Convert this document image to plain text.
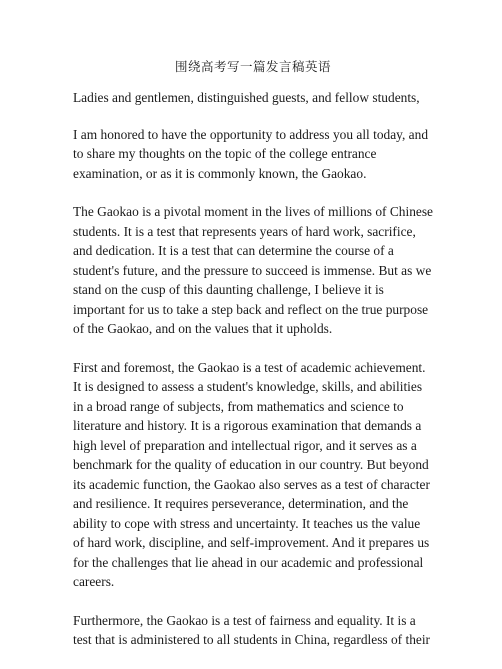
围绕高考写一篇发言稿英语

Ladies and gentlemen, distinguished guests, and fellow students,

I am honored to have the opportunity to address you all today, and to share my thoughts on the topic of the college entrance examination, or as it is commonly known, the Gaokao.

The Gaokao is a pivotal moment in the lives of millions of Chinese students. It is a test that represents years of hard work, sacrifice, and dedication. It is a test that can determine the course of a student's future, and the pressure to succeed is immense. But as we stand on the cusp of this daunting challenge, I believe it is important for us to take a step back and reflect on the true purpose of the Gaokao, and on the values that it upholds.

First and foremost, the Gaokao is a test of academic achievement. It is designed to assess a student's knowledge, skills, and abilities in a broad range of subjects, from mathematics and science to literature and history. It is a rigorous examination that demands a high level of preparation and intellectual rigor, and it serves as a benchmark for the quality of education in our country. But beyond its academic function, the Gaokao also serves as a test of character and resilience. It requires perseverance, determination, and the ability to cope with stress and uncertainty. It teaches us the value of hard work, discipline, and self-improvement. And it prepares us for the challenges that lie ahead in our academic and professional careers.

Furthermore, the Gaokao is a test of fairness and equality. It is a test that is administered to all students in China, regardless of their
